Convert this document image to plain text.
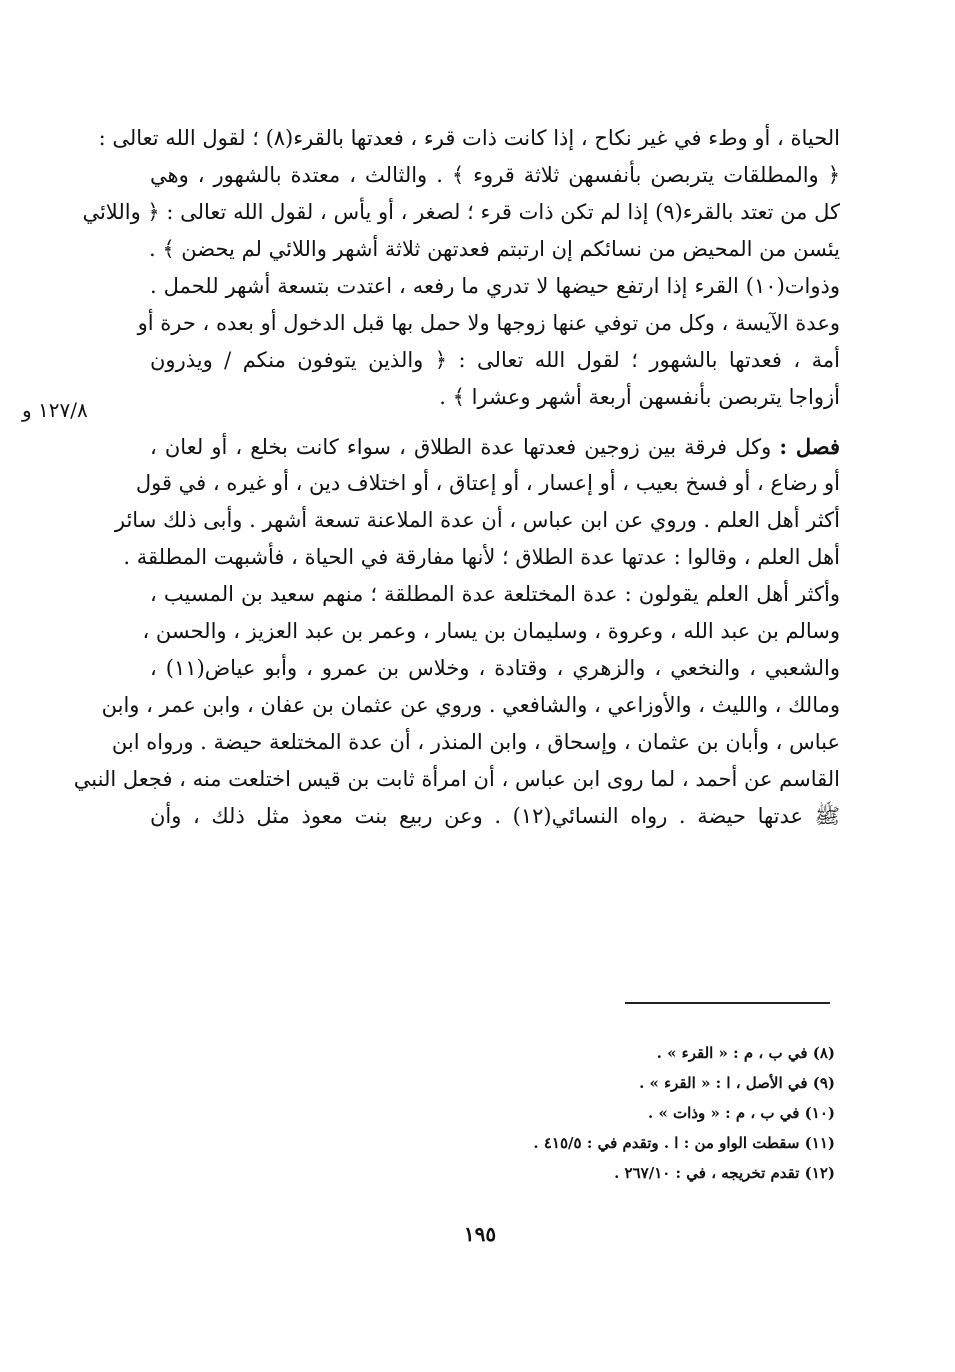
الحياة ، أو وطء في غير نكاح ، إذا كانت ذات قرء ، فعدتها بالقرء(٨) ؛ لقول الله تعالى :
﴿ والمطلقات يتربصن بأنفسهن ثلاثة قروء ﴾ . والثالث ، معتدة بالشهور ، وهي
كل من تعتد بالقرء(٩) إذا لم تكن ذات قرء ؛ لصغر ، أو يأس ، لقول الله تعالى : ﴿ واللائي
يئسن من المحيض من نسائكم إن ارتبتم فعدتهن ثلاثة أشهر واللائي لم يحضن ﴾ .
وذوات(١٠) القرء إذا ارتفع حيضها لا تدري ما رفعه ، اعتدت بتسعة أشهر للحمل .
وعدة الآيسة ، وكل من توفي عنها زوجها ولا حمل بها قبل الدخول أو بعده ، حرة أو
أمة ، فعدتها بالشهور ؛ لقول الله تعالى : ﴿ والذين يتوفون منكم / ويذرون
أزواجا يتربصن بأنفسهن أربعة أشهر وعشرا ﴾ .
فصل : وكل فرقة بين زوجين فعدتها عدة الطلاق ، سواء كانت بخلع ، أو لعان ،
أو رضاع ، أو فسخ بعيب ، أو إعسار ، أو إعتاق ، أو اختلاف دين ، أو غيره ، في قول
أكثر أهل العلم . وروي عن ابن عباس ، أن عدة الملاعنة تسعة أشهر . وأبى ذلك سائر
أهل العلم ، وقالوا : عدتها عدة الطلاق ؛ لأنها مفارقة في الحياة ، فأشبهت المطلقة .
وأكثر أهل العلم يقولون : عدة المختلعة عدة المطلقة ؛ منهم سعيد بن المسيب ،
وسالم بن عبد الله ، وعروة ، وسليمان بن يسار ، وعمر بن عبد العزيز ، والحسن ،
والشعبي ، والنخعي ، والزهري ، وقتادة ، وخلاس بن عمرو ، وأبو عياض(١١) ،
ومالك ، والليث ، والأوزاعي ، والشافعي . وروي عن عثمان بن عفان ، وابن عمر ، وابن
عباس ، وأبان بن عثمان ، وإسحاق ، وابن المنذر ، أن عدة المختلعة حيضة . ورواه ابن
القاسم عن أحمد ، لما روى ابن عباس ، أن امرأة ثابت بن قيس اختلعت منه ، فجعل النبي
ﷺ عدتها حيضة . رواه النسائي(١٢) . وعن ربيع بنت معوذ مثل ذلك ، وأن
١٢٧/٨ و
(٨) في ب ، م : « القرء » .
(٩) في الأصل ، ا : « القرء » .
(١٠) في ب ، م : « وذات » .
(١١) سقطت الواو من : ا . وتقدم في : ٤١٥/٥ .
(١٢) تقدم تخريجه ، في : ٢٦٧/١٠ .
١٩٥
